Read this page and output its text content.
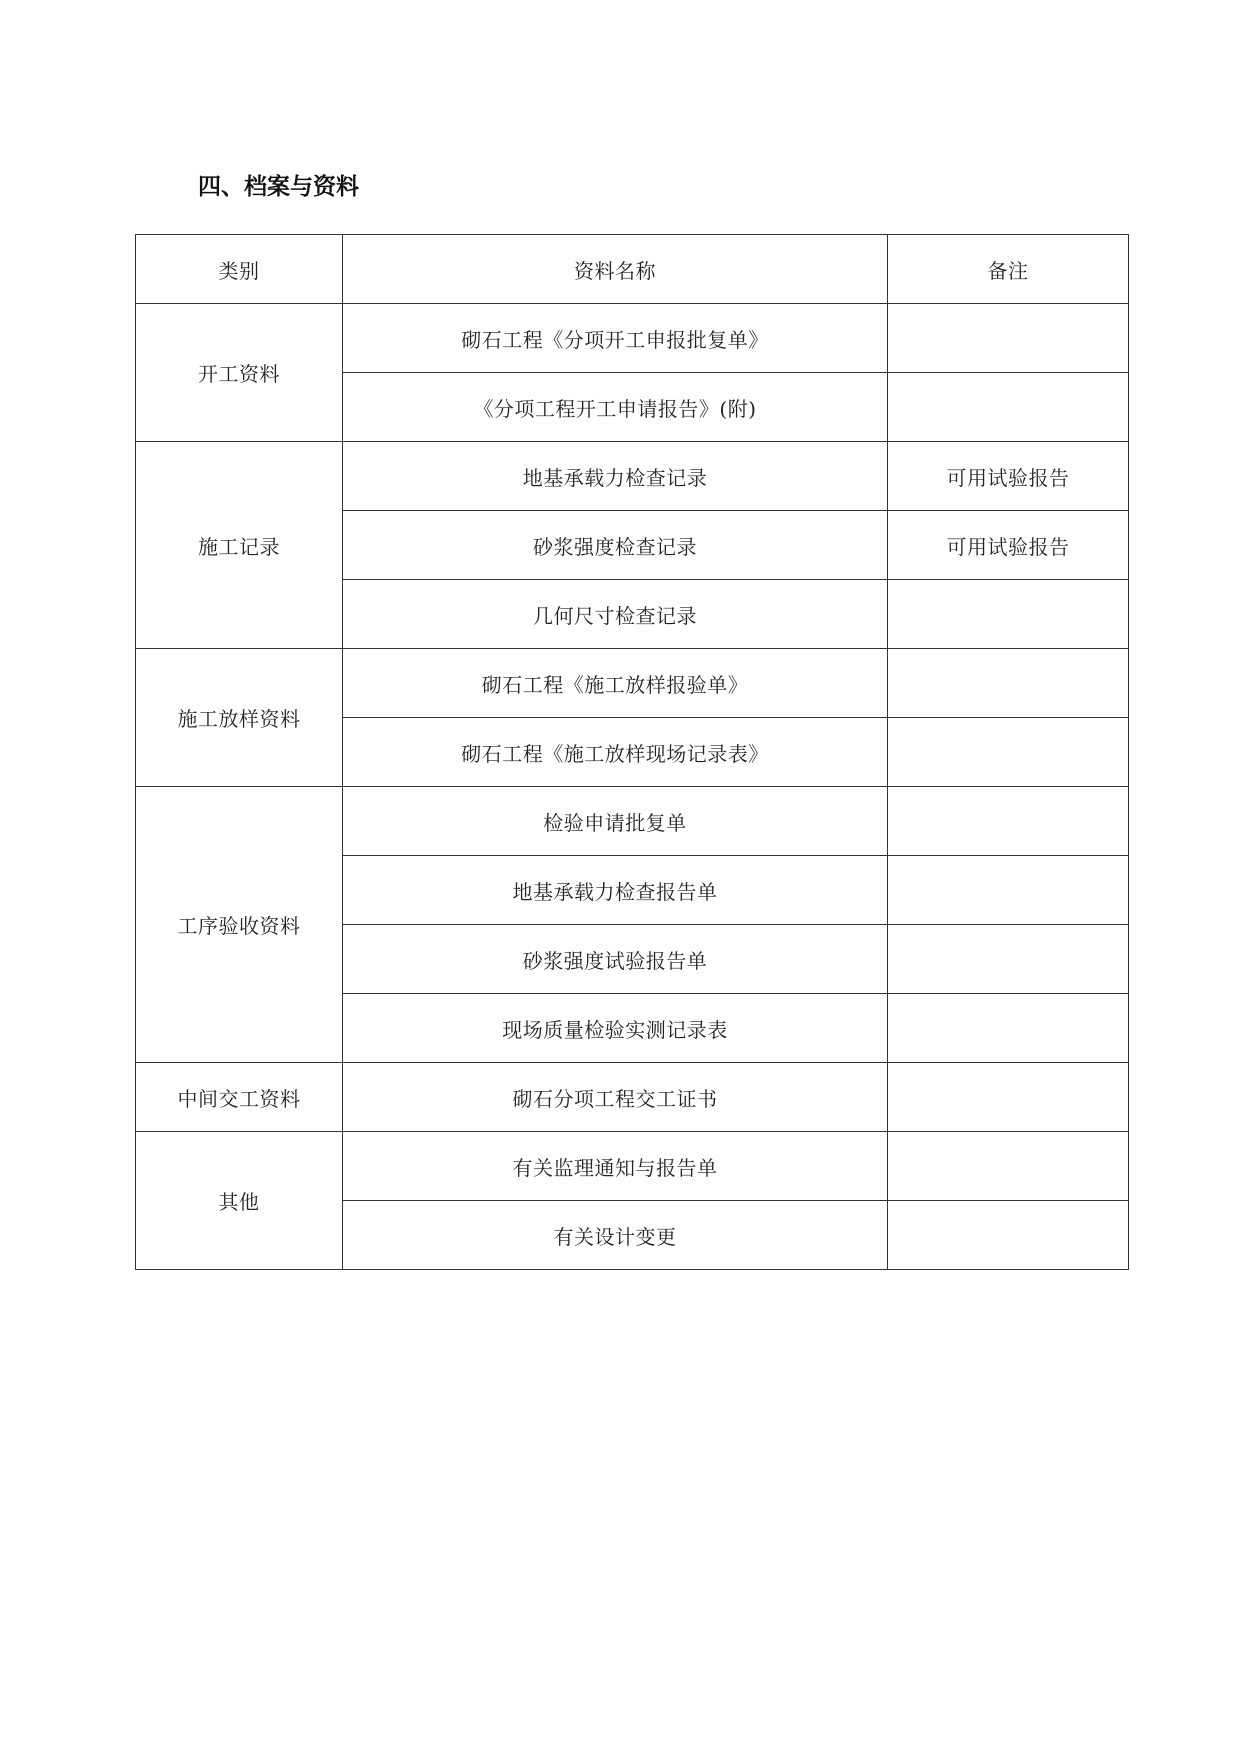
四、档案与资料
类别	资料名称	备注
开工资料	砌石工程《分项开工申报批复单》	
	《分项工程开工申请报告》(附)	
施工记录	地基承载力检查记录	可用试验报告
	砂浆强度检查记录	可用试验报告
	几何尺寸检查记录	
施工放样资料	砌石工程《施工放样报验单》	
	砌石工程《施工放样现场记录表》	
工序验收资料	检验申请批复单	
	地基承载力检查报告单	
	砂浆强度试验报告单	
	现场质量检验实测记录表	
中间交工资料	砌石分项工程交工证书	
其他	有关监理通知与报告单	
	有关设计变更	
